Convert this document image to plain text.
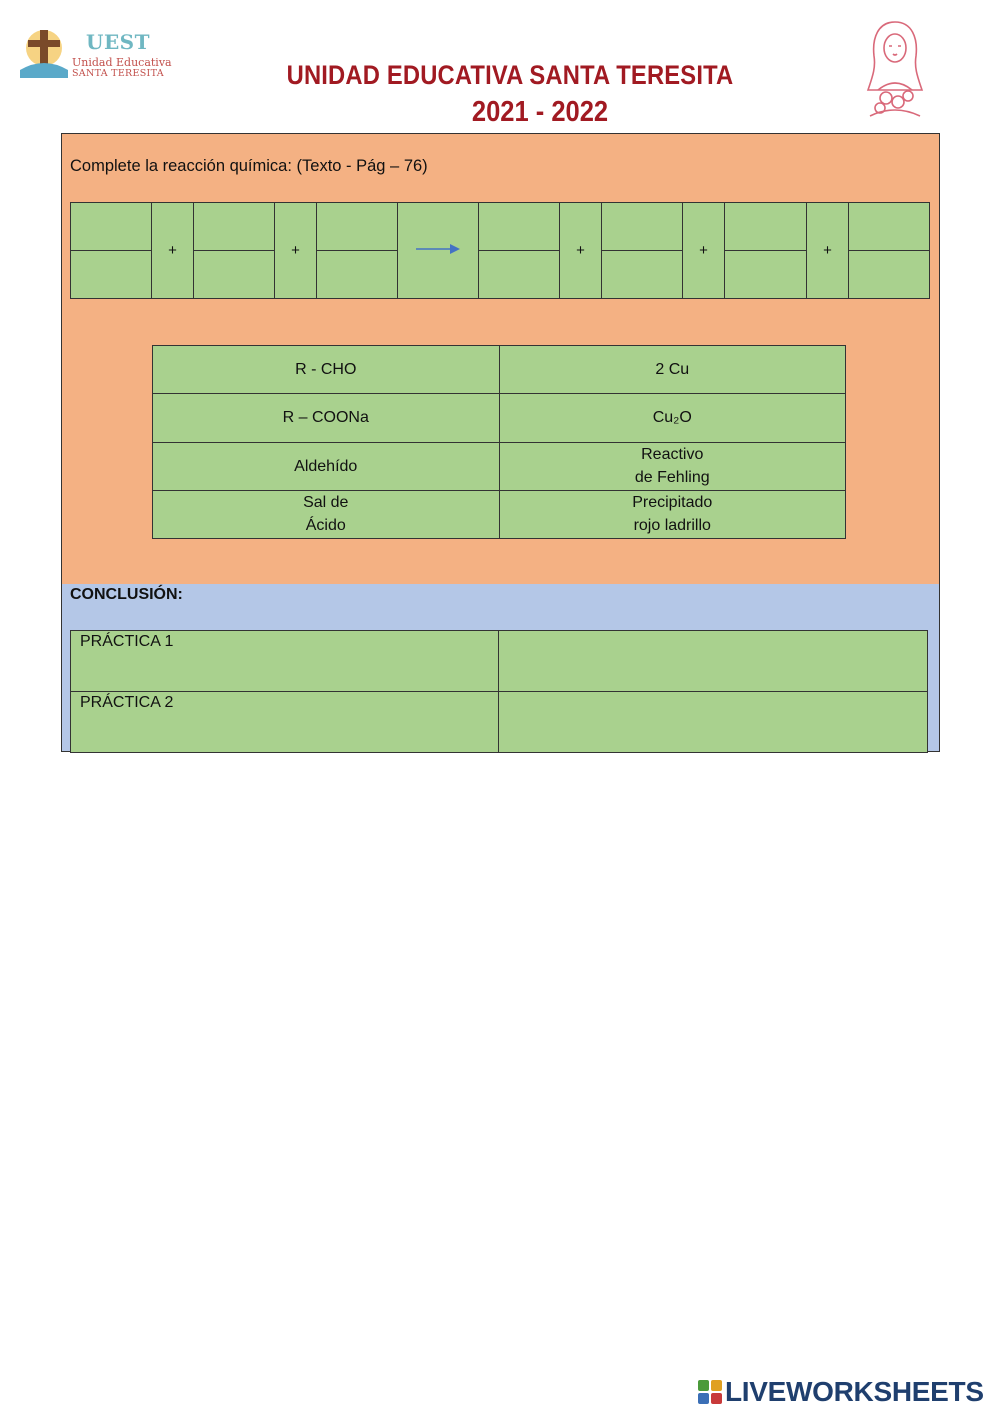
UEST
Unidad Educativa
SANTA TERESITA	UNIDAD EDUCATIVA SANTA TERESITA
2021 - 2022
Complete la reacción química: (Texto - Pág – 76)
	+		+				+		+		+	

R - CHO	2 Cu
R – COONa	Cu₂O
Aldehído	Reactivo
de Fehling
Sal de
Ácido	Precipitado
rojo ladrillo
CONCLUSIÓN:
PRÁCTICA 1	
PRÁCTICA 2	
LIVEWORKSHEETS
